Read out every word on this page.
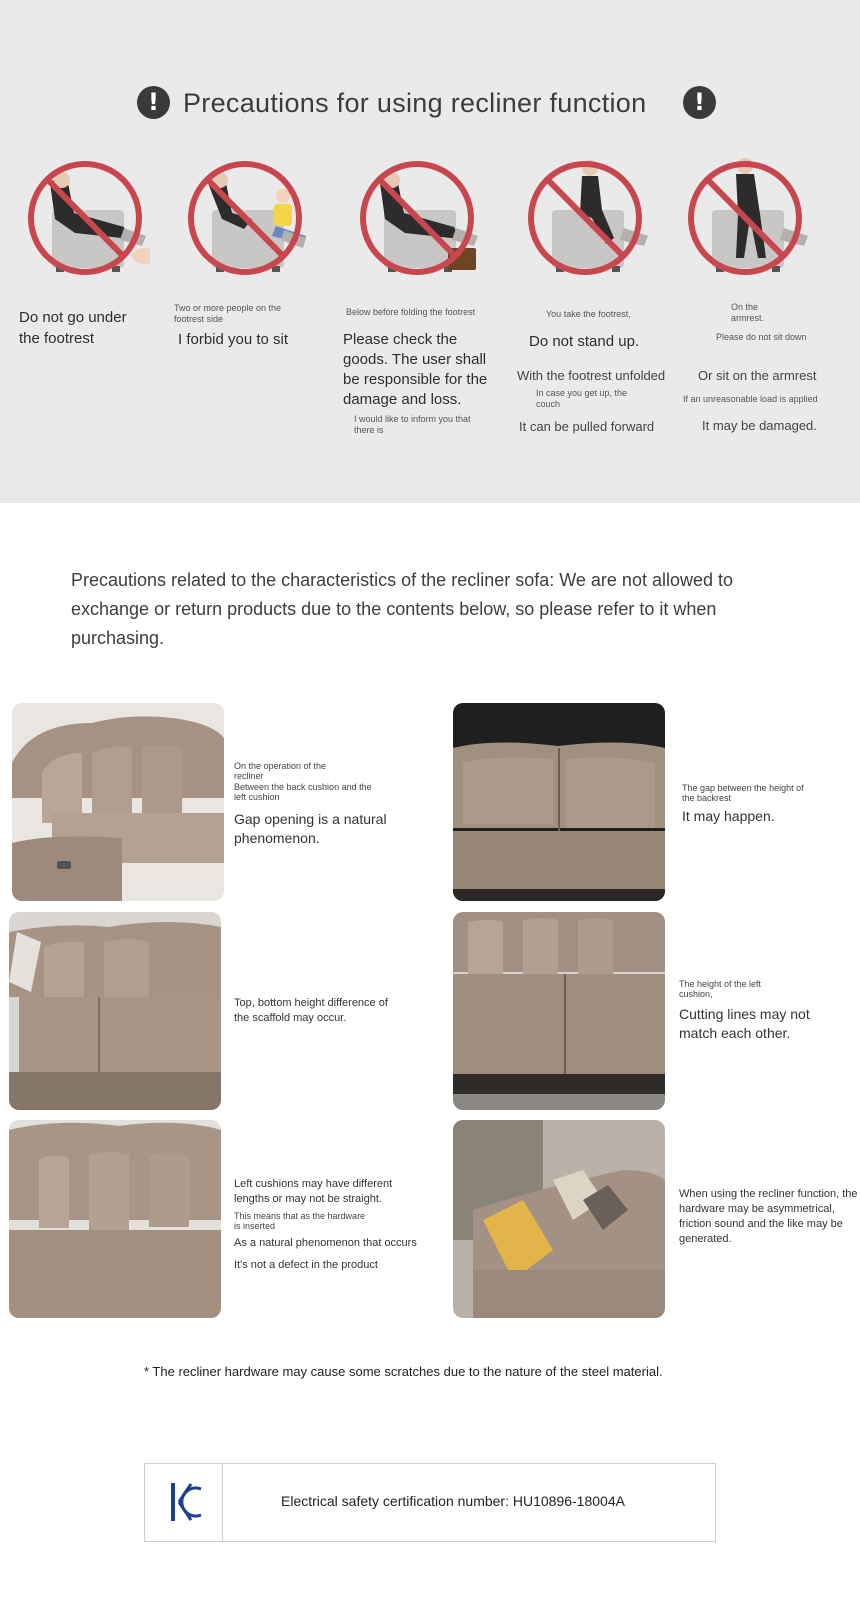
! Precautions for using recliner function	!
Do not go under
the footrest
Two or more people on the footrest side
I forbid you to sit
Below before folding the footrest
Please check the
goods. The user shall
be responsible for the
damage and loss.
I would like to inform you that there is
You take the footrest,
Do not stand up.
With the footrest unfolded
In case you get up, the couch
It can be pulled forward
On the armrest.
Please do not sit down
Or sit on the armrest
If an unreasonable load is applied
It may be damaged.
Precautions related to the characteristics of the recliner sofa: We are not allowed to exchange or return products due to the contents below, so please refer to it when purchasing.
On the operation of the recliner
Between the back cushion and the left cushion
Gap opening is a natural phenomenon.
The gap between the height of the backrest
It may happen.
Top, bottom height difference of the scaffold may occur.
The height of the left cushion,
Cutting lines may not match each other.
Left cushions may have different lengths or may not be straight.
This means that as the hardware is inserted
As a natural phenomenon that occurs
It's not a defect in the product
When using the recliner function, the hardware may be asymmetrical, friction sound and the like may be generated.
* The recliner hardware may cause some scratches due to the nature of the steel material.
Electrical safety certification number: HU10896-18004A
